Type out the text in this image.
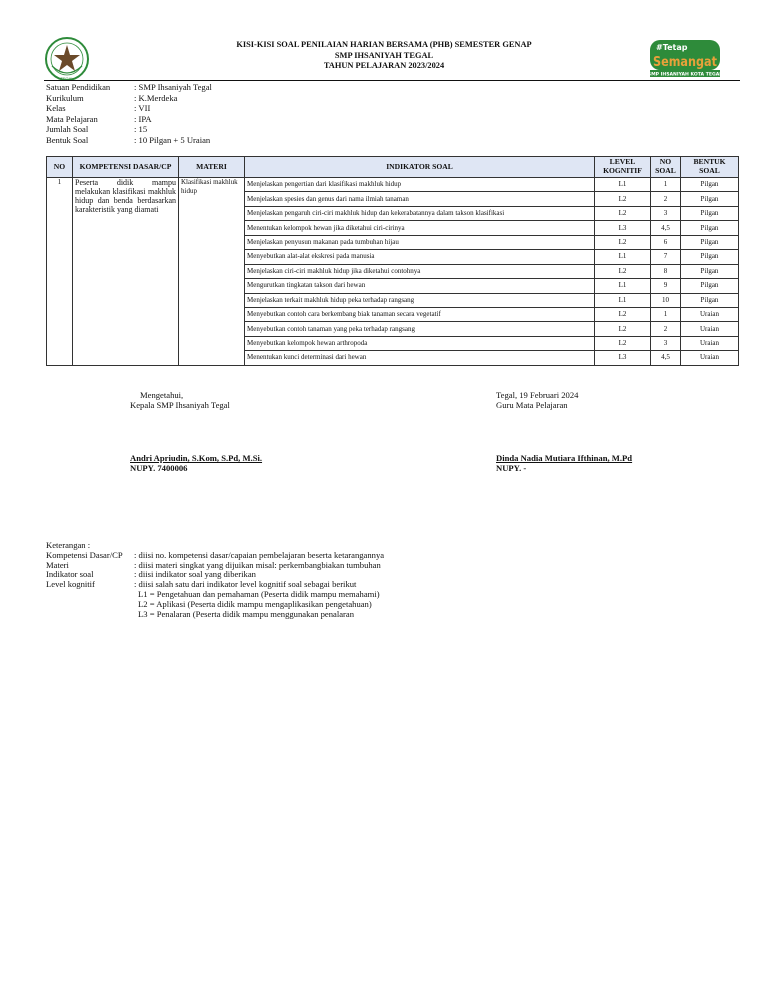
TEGAL
KISI-KISI SOAL PENILAIAN HARIAN BERSAMA (PHB) SEMESTER GENAP
SMP IHSANIYAH TEGAL
TAHUN PELAJARAN 2023/2024
#Tetap
Semangat
SMP IHSANIYAH KOTA TEGAL
Satuan Pendidikan	: SMP Ihsaniyah Tegal
Kurikulum	: K.Merdeka
Kelas	: VII
Mata Pelajaran	: IPA
Jumlah Soal	: 15
Bentuk Soal	: 10 Pilgan + 5 Uraian
NO	KOMPETENSI DASAR/CP	MATERI	INDIKATOR SOAL	LEVEL KOGNITIF	NO SOAL	BENTUK SOAL
1	Peserta didik mampu melakukan klasifikasi makhluk hidup dan benda berdasarkan karakteristik yang diamati	Klasifikasi makhluk hidup	Menjelaskan pengertian dari klasifikasi makhluk hidup	L1	1	Pilgan
			Menjelaskan spesies dan genus dari nama ilmiah tanaman	L2	2	Pilgan
			Menjelaskan pengaruh ciri-ciri makhluk hidup dan kekerabatannya dalam takson klasifikasi	L2	3	Pilgan
			Menentukan kelompok hewan jika diketahui ciri-cirinya	L3	4,5	Pilgan
			Menjelaskan penyusun makanan pada tumbuhan hijau	L2	6	Pilgan
			Menyebutkan alat-alat ekskresi pada manusia	L1	7	Pilgan
			Menjelaskan ciri-ciri makhluk hidup jika diketahui contohnya	L2	8	Pilgan
			Mengurutkan tingkatan takson dari hewan	L1	9	Pilgan
			Menjelaskan terkait makhluk hidup peka terhadap rangsang	L1	10	Pilgan
			Menyebutkan contoh cara berkembang biak tanaman secara vegetatif	L2	1	Uraian
			Menyebutkan contoh tanaman yang peka terhadap rangsang	L2	2	Uraian
			Menyebutkan kelompok hewan arthropoda	L2	3	Uraian
			Menentukan kunci determinasi dari hewan	L3	4,5	Uraian
Mengetahui,
Kepala SMP Ihsaniyah Tegal
Andri Apriudin, S.Kom, S.Pd, M.Si.
NUPY. 7400006
Tegal, 19 Februari 2024
Guru Mata Pelajaran
Dinda Nadia Mutiara Ifthinan, M.Pd
NUPY. -
Keterangan :
Kompetensi Dasar/CP	: diisi no. kompetensi dasar/capaian pembelajaran beserta ketarangannya
Materi	: diisi materi singkat yang dijuikan misal: perkembangbiakan tumbuhan
Indikator soal	: diisi indikator soal yang diberikan
Level kognitif	: diisi salah satu dari indikator level kognitif soal sebagai berikut
L1 = Pengetahuan dan pemahaman (Peserta didik mampu memahami)
L2 = Aplikasi (Peserta didik mampu mengaplikasikan pengetahuan)
L3 = Penalaran (Peserta didik mampu menggunakan penalaran
